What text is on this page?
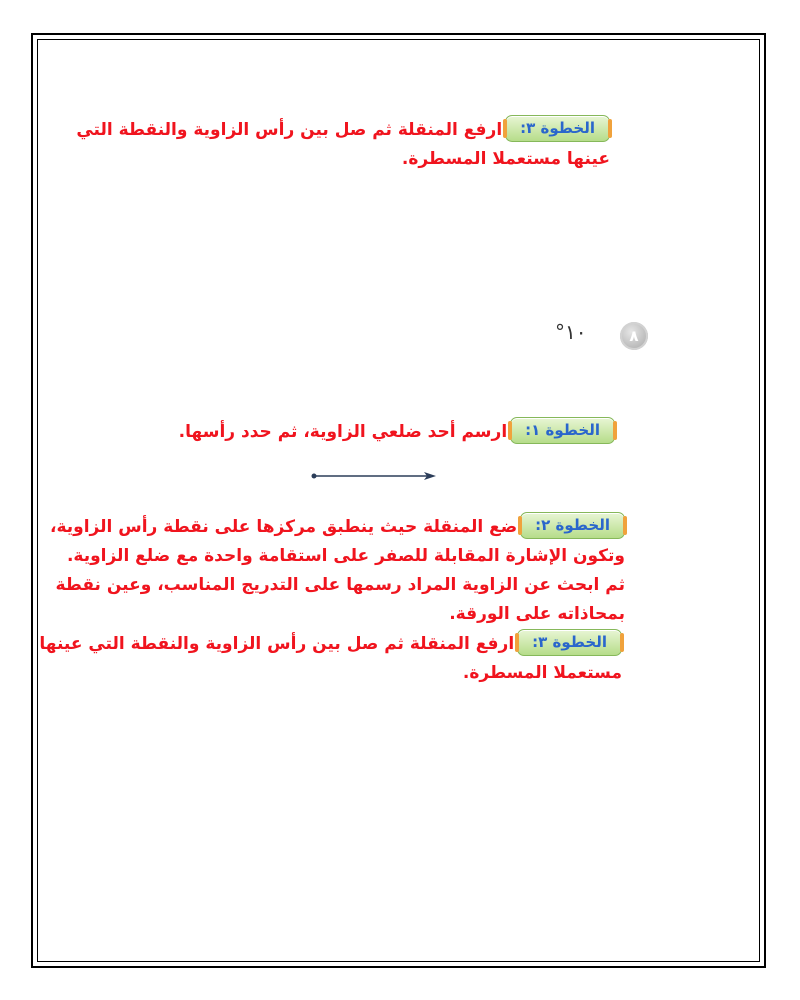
الخطوة ٣:ارفع المنقلة ثم صل بين رأس الزاوية والنقطة التي
عينها مستعملا المسطرة.
٨
١٠°
الخطوة ١:ارسم أحد ضلعي الزاوية، ثم حدد رأسها.
الخطوة ٢:ضع المنقلة حيث ينطبق مركزها على نقطة رأس الزاوية،
وتكون الإشارة المقابلة للصفر على استقامة واحدة مع ضلع الزاوية.
ثم ابحث عن الزاوية المراد رسمها على التدريج المناسب، وعين نقطة
بمحاذاته على الورقة.
الخطوة ٣:ارفع المنقلة ثم صل بين رأس الزاوية والنقطة التي عينها
مستعملا المسطرة.
